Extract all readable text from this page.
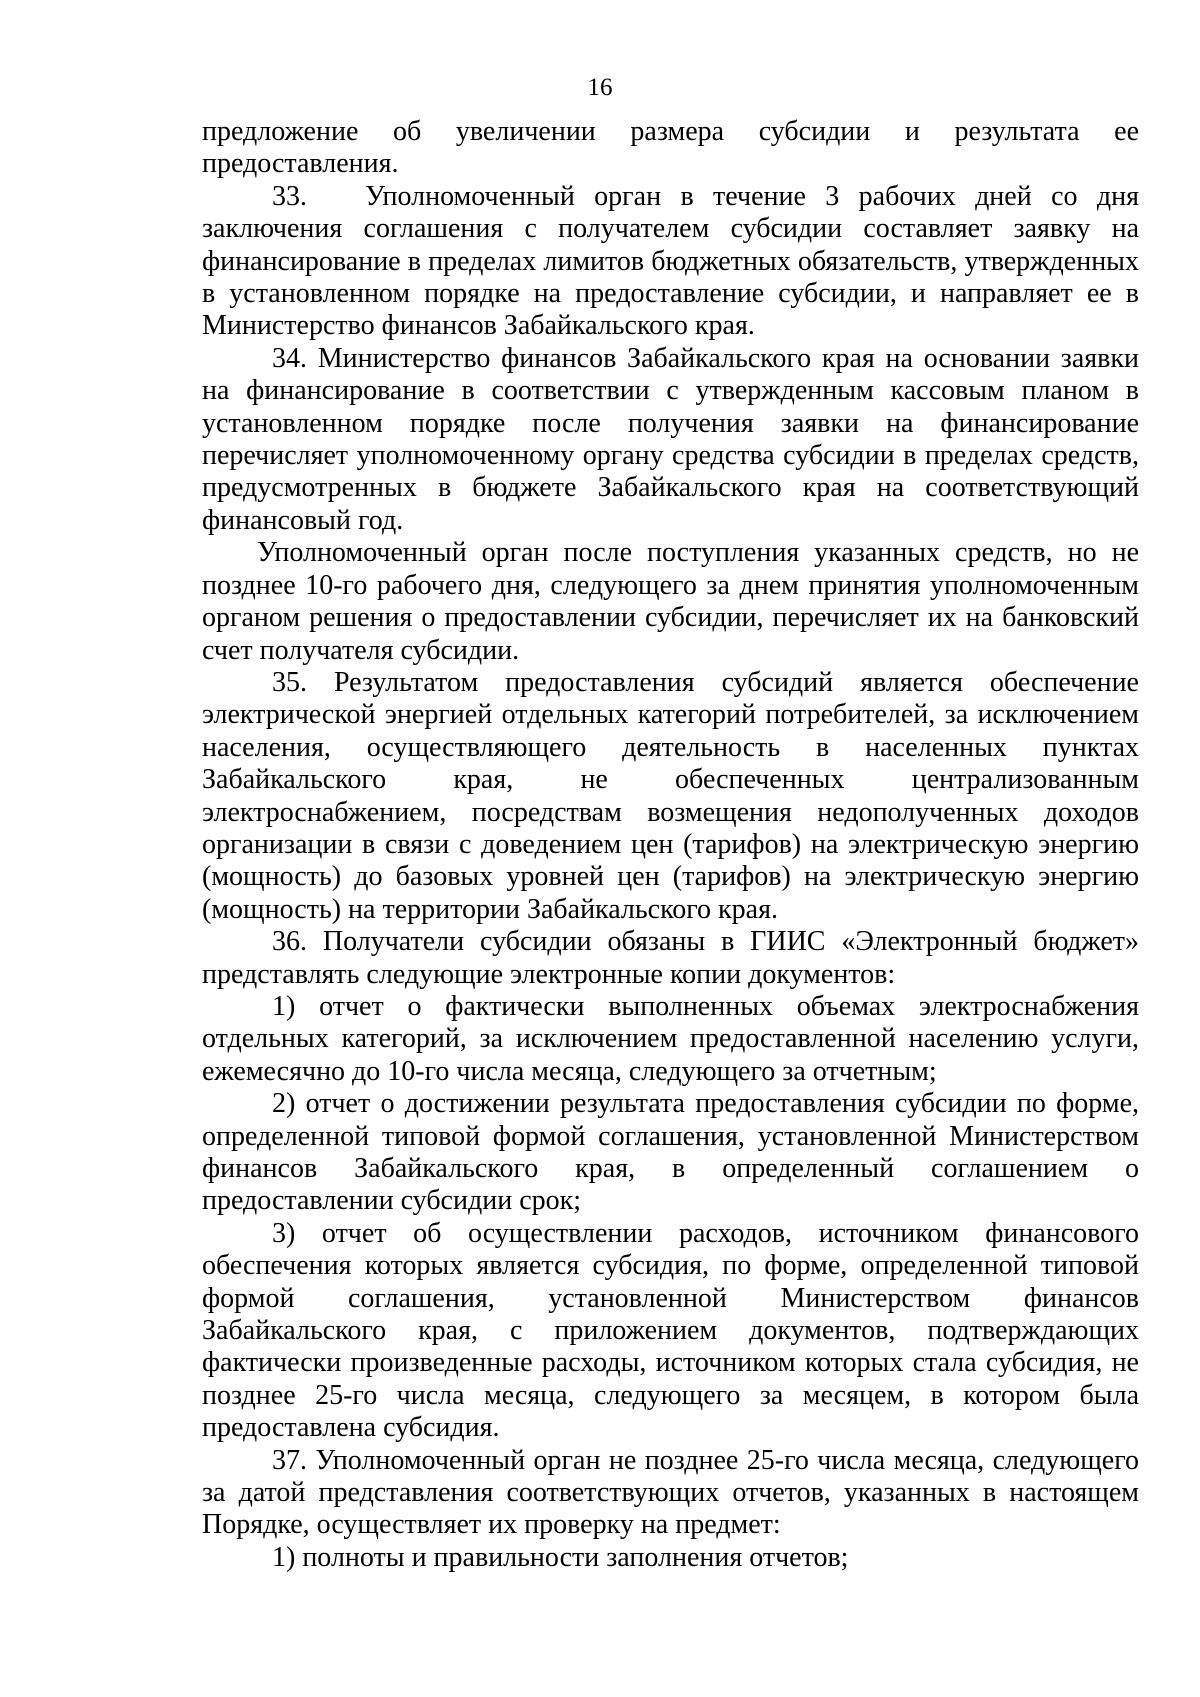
16

предложение об увеличении размера субсидии и результата ее предоставления.

33.   Уполномоченный орган в течение 3 рабочих дней со дня заключения соглашения с получателем субсидии составляет заявку на финансирование в пределах лимитов бюджетных обязательств, утвержденных в установленном порядке на предоставление субсидии, и направляет ее в Министерство финансов Забайкальского края.

34. Министерство финансов Забайкальского края на основании заявки на финансирование в соответствии с утвержденным кассовым планом в установленном порядке после получения заявки на финансирование перечисляет уполномоченному органу средства субсидии в пределах средств, предусмотренных в бюджете Забайкальского края на соответствующий финансовый год.

Уполномоченный орган после поступления указанных средств, но не позднее 10-го рабочего дня, следующего за днем принятия уполномоченным органом решения о предоставлении субсидии, перечисляет их на банковский счет получателя субсидии.

35. Результатом предоставления субсидий является обеспечение электрической энергией отдельных категорий потребителей, за исключением населения, осуществляющего деятельность в населенных пунктах Забайкальского края, не обеспеченных централизованным электроснабжением, посредствам возмещения недополученных доходов организации в связи с доведением цен (тарифов) на электрическую энергию (мощность) до базовых уровней цен (тарифов) на электрическую энергию (мощность) на территории Забайкальского края.

36. Получатели субсидии обязаны в ГИИС «Электронный бюджет» представлять следующие электронные копии документов:

1) отчет о фактически выполненных объемах электроснабжения отдельных категорий, за исключением предоставленной населению услуги, ежемесячно до 10-го числа месяца, следующего за отчетным;

2) отчет о достижении результата предоставления субсидии по форме, определенной типовой формой соглашения, установленной Министерством финансов Забайкальского края, в определенный соглашением о предоставлении субсидии срок;

3) отчет об осуществлении расходов, источником финансового обеспечения которых является субсидия, по форме, определенной типовой формой соглашения, установленной Министерством финансов Забайкальского края, с приложением документов, подтверждающих фактически произведенные расходы, источником которых стала субсидия, не позднее 25-го числа месяца, следующего за месяцем, в котором была предоставлена субсидия.

37. Уполномоченный орган не позднее 25-го числа месяца, следующего за датой представления соответствующих отчетов, указанных в настоящем Порядке, осуществляет их проверку на предмет:

1) полноты и правильности заполнения отчетов;
